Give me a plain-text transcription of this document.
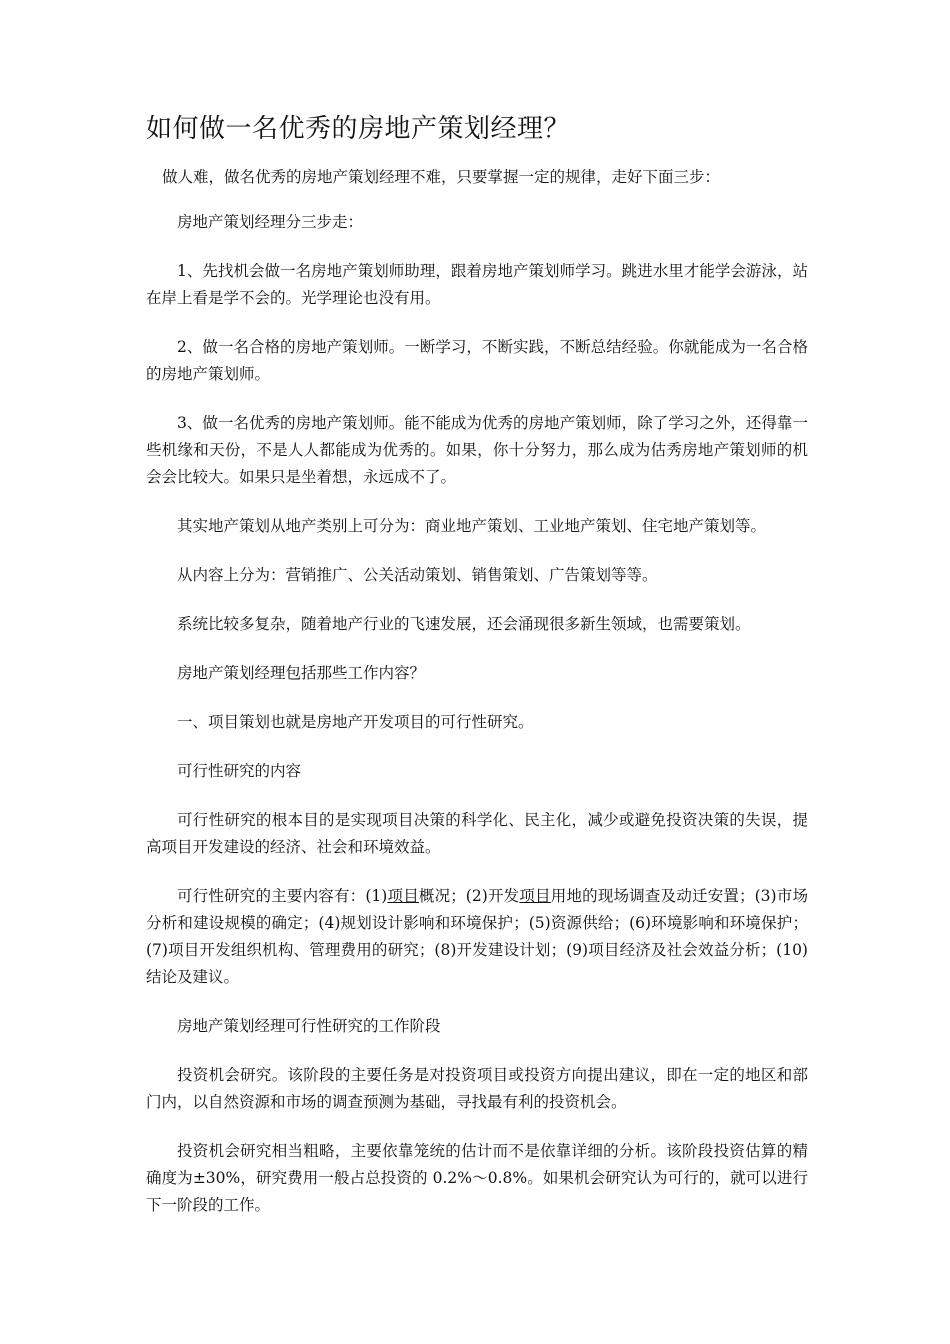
如何做一名优秀的房地产策划经理？

做人难，做名优秀的房地产策划经理不难，只要掌握一定的规律，走好下面三步：

房地产策划经理分三步走：

1、先找机会做一名房地产策划师助理，跟着房地产策划师学习。跳进水里才能学会游泳，站在岸上看是学不会的。光学理论也没有用。

2、做一名合格的房地产策划师。一断学习，不断实践，不断总结经验。你就能成为一名合格的房地产策划师。

3、做一名优秀的房地产策划师。能不能成为优秀的房地产策划师，除了学习之外，还得靠一些机缘和天份，不是人人都能成为优秀的。如果，你十分努力，那么成为估秀房地产策划师的机会会比较大。如果只是坐着想，永远成不了。

其实地产策划从地产类别上可分为：商业地产策划、工业地产策划、住宅地产策划等。

从内容上分为：营销推广、公关活动策划、销售策划、广告策划等等。

系统比较多复杂，随着地产行业的飞速发展，还会涌现很多新生领域，也需要策划。

房地产策划经理包括那些工作内容？

一、项目策划也就是房地产开发项目的可行性研究。

可行性研究的内容

可行性研究的根本目的是实现项目决策的科学化、民主化，减少或避免投资决策的失误，提高项目开发建设的经济、社会和环境效益。

可行性研究的主要内容有：(1)项目概况；(2)开发项目用地的现场调查及动迁安置；(3)市场分析和建设规模的确定；(4)规划设计影响和环境保护；(5)资源供给；(6)环境影响和环境保护；(7)项目开发组织机构、管理费用的研究；(8)开发建设计划；(9)项目经济及社会效益分析；(10)结论及建议。

房地产策划经理可行性研究的工作阶段

投资机会研究。该阶段的主要任务是对投资项目或投资方向提出建议，即在一定的地区和部门内，以自然资源和市场的调查预测为基础，寻找最有利的投资机会。

投资机会研究相当粗略，主要依靠笼统的估计而不是依靠详细的分析。该阶段投资估算的精确度为±30%，研究费用一般占总投资的 0.2%～0.8%。如果机会研究认为可行的，就可以进行下一阶段的工作。
